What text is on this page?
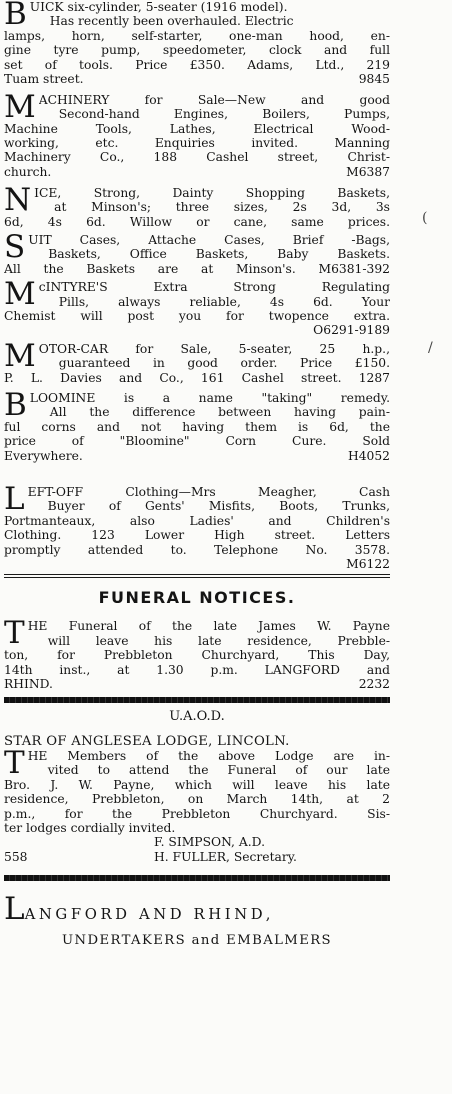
B UICK six-cylinder, 5-seater (1916 model).
Has recently been overhauled. Electric
lamps, horn, self-starter, one-man hood, en-
gine tyre pump, speedometer, clock and full
set of tools. Price £350. Adams, Ltd., 219
Tuam street.	9845
M ACHINERY for Sale—New and good
Second-hand Engines, Boilers, Pumps,
Machine Tools, Lathes, Electrical Wood-
working, etc. Enquiries invited. Manning
Machinery Co., 188 Cashel street, Christ-
church.	M6387
N ICE, Strong, Dainty Shopping Baskets,
at Minson's; three sizes, 2s 3d, 3s
6d, 4s 6d. Willow or cane, same prices.
S UIT Cases, Attache Cases, Brief -Bags,
Baskets, Office Baskets, Baby Baskets.
All the Baskets are at Minson's. M6381-392
M cINTYRE'S Extra Strong Regulating
Pills, always reliable, 4s 6d. Your
Chemist will post you for twopence extra.
O6291-9189
M OTOR-CAR for Sale, 5-seater, 25 h.p.,
guaranteed in good order. Price £150.
P. L. Davies and Co., 161 Cashel street. 1287
B LOOMINE is a name "taking" remedy.
All the difference between having pain-
ful corns and not having them is 6d, the
price of "Bloomine" Corn Cure. Sold
Everywhere. H4052
L EFT-OFF Clothing—Mrs Meagher, Cash
Buyer of Gents' Misfits, Boots, Trunks,
Portmanteaux, also Ladies' and Children's
Clothing. 123 Lower High street. Letters
promptly attended to. Telephone No. 3578.
M6122
FUNERAL NOTICES.
T HE Funeral of the late James W. Payne
will leave his late residence, Prebble-
ton, for Prebbleton Churchyard, This Day,
14th inst., at 1.30 p.m. LANGFORD and
RHIND.	2232
U.A.O.D.
STAR OF ANGLESEA LODGE, LINCOLN.
T HE Members of the above Lodge are in-
vited to attend the Funeral of our late
Bro. J. W. Payne, which will leave his late
residence, Prebbleton, on March 14th, at 2
p.m., for the Prebbleton Churchyard. Sis-
ter lodges cordially invited.
F. SIMPSON, A.D.
558	H. FULLER, Secretary.
LANGFORD AND RHIND,
UNDERTAKERS and EMBALMERS
(
/
